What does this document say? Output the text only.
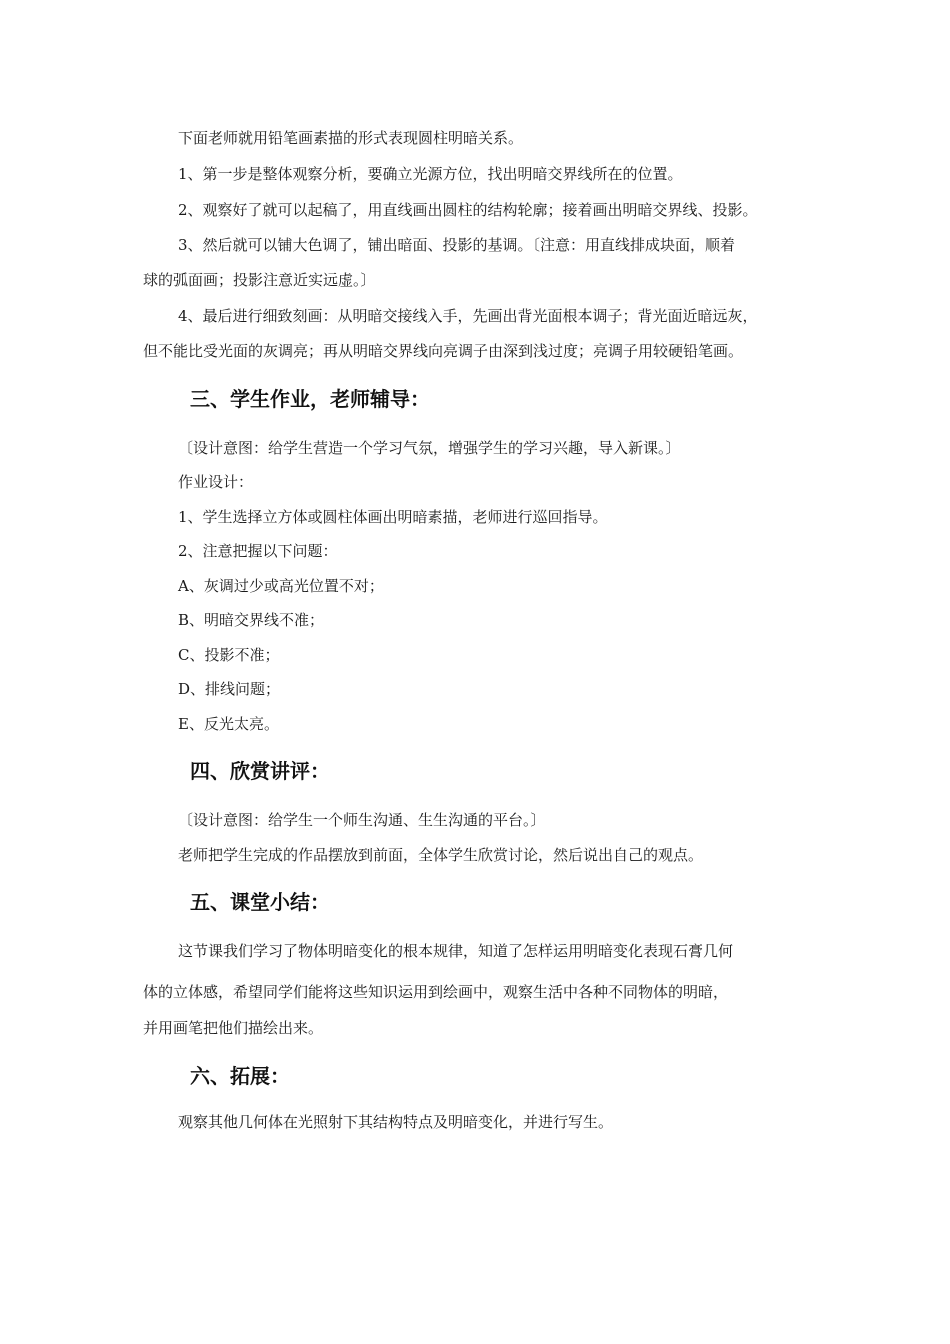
下面老师就用铅笔画素描的形式表现圆柱明暗关系。

1、第一步是整体观察分析，要确立光源方位，找出明暗交界线所在的位置。

2、观察好了就可以起稿了，用直线画出圆柱的结构轮廓；接着画出明暗交界线、投影。

3、然后就可以铺大色调了，铺出暗面、投影的基调。〔注意：用直线排成块面，顺着

球的弧面画；投影注意近实远虚。〕

4、最后进行细致刻画：从明暗交接线入手，先画出背光面根本调子；背光面近暗远灰，

但不能比受光面的灰调亮；再从明暗交界线向亮调子由深到浅过度；亮调子用较硬铅笔画。

三、学生作业，老师辅导：

〔设计意图：给学生营造一个学习气氛，增强学生的学习兴趣，导入新课。〕

作业设计：

1、学生选择立方体或圆柱体画出明暗素描，老师进行巡回指导。

2、注意把握以下问题：

A、灰调过少或高光位置不对；

B、明暗交界线不准；

C、投影不准；

D、排线问题；

E、反光太亮。

四、欣赏讲评：

〔设计意图：给学生一个师生沟通、生生沟通的平台。〕

老师把学生完成的作品摆放到前面，全体学生欣赏讨论，然后说出自己的观点。

五、课堂小结：

这节课我们学习了物体明暗变化的根本规律，知道了怎样运用明暗变化表现石膏几何

体的立体感，希望同学们能将这些知识运用到绘画中，观察生活中各种不同物体的明暗，

并用画笔把他们描绘出来。

六、拓展：

观察其他几何体在光照射下其结构特点及明暗变化，并进行写生。
